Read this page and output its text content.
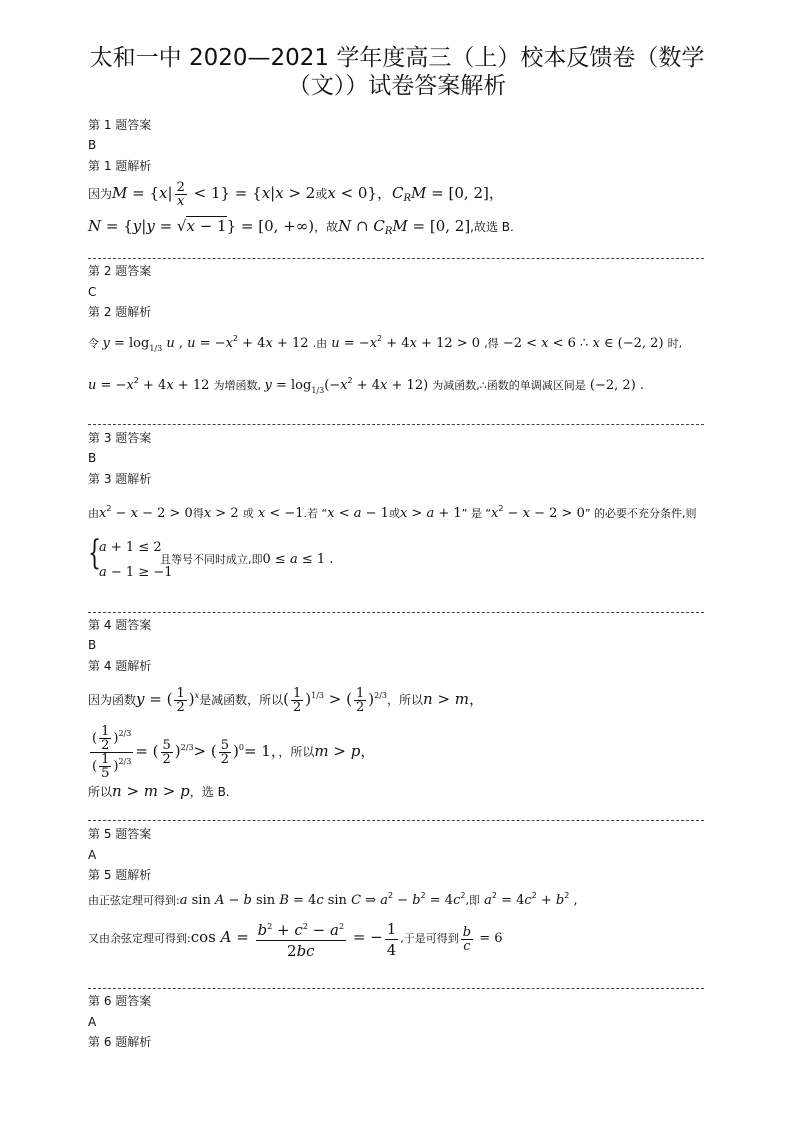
太和一中 2020—2021 学年度高三（上）校本反馈卷（数学（文））试卷答案解析
第 1 题答案
B
第 1 题解析
因为$M = \{x| \frac{2}{x} < 1\} = \{x|x > 2$或x < 0}，$C_RM = [0$, 2]，
N = {y|y = √x − 1} = [0, +∞)，故N ∩ $C_RM = [0$, 2],故选 B.
第 2 题答案
C
第 2 题解析
令 $y = \log_{1/3} u$ , $u = -x^2 + 4x + 12$ .由 $u = -x^2 + 4x + 12 > 0$ ,得 −2 < x < 6 ∴ x ∈ (−2, 2) 时,
$u = -x^2 + 4x + 12$ 为增函数, $y = \log_{1/3}(-x^2 + 4x + 12)$ 为减函数,∴函数的单调减区间是 (−2, 2) .
第 3 题答案
B
第 3 题解析
由$x^2 - x - 2 > 0$得x > 2 或 x < −1.若 “x < a − 1或x > a + 1” 是 “$x^2 - x - 2 > 0$” 的必要不充分条件,则
{
a + 1 ≤ 2
a − 1 ≥ −1
且等号不同时成立,即0 ≤ a ≤ 1 .
第 4 题答案
B
第 4 题解析
因为函数y = ( $\frac{1}{2} )^x$是减函数，所以( $\frac{1}{2} )^{1/3}$ > ( $\frac{1}{2} )^{2/3}$，所以n > m，
$\frac{( \frac{1}{2} )^{2/3}}{( \frac{1}{5} )^{2/3}}$ = ( $\frac{5}{2} )^{2/3}>$ ( $\frac{5}{2} )^0= 1$，，所以m > p，
所以n > m > p，选 B.
第 5 题答案
A
第 5 题解析
由正弦定理可得到:a sin A − b sin B = 4c sin C ⇒ $a^2 - b^2 = 4c^2$,即 $a^2 = 4c^2 + b^2$ ,
又由余弦定理可得到:cos $A = \frac{b^2 + c^2 - a^2}{2bc}$ = − $\frac{1}{4}$ ,于是可得到 $\frac{b}{c} = 6$
第 6 题答案
A
第 6 题解析
